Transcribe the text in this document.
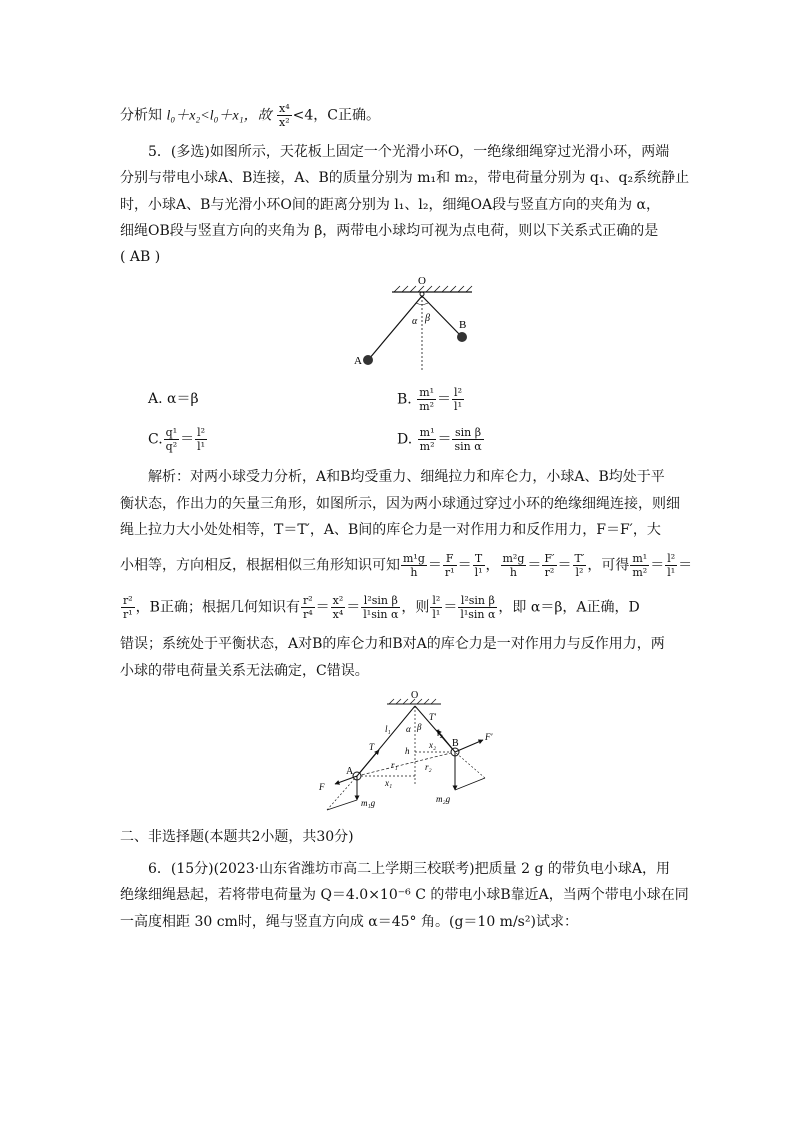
分析知 l₀＋x₂<l₀＋x₁，故 $\frac{\text{x⁴}}{\text{x²}} <4$，C正确。
5．(多选)如图所示，天花板上固定一个光滑小环O，一绝缘细绳穿过光滑小环，两端
分别与带电小球A、B连接，A、B的质量分别为 m₁和 m₂，带电荷量分别为 q₁、q₂系统静止
时，小球A、B与光滑小环O间的距离分别为 l₁、l₂，细绳OA段与竖直方向的夹角为 α，
细绳OB段与竖直方向的夹角为 β，两带电小球均可视为点电荷，则以下关系式正确的是
( AB )
O
A
B
α β
A. α＝β	B. $\frac{\text{m¹}}{\text{m²}} = \frac{\text{l²}}{\text{l¹}}$
C. $\frac{\text{q¹}}{\text{q²}} = \frac{\text{l²}}{\text{l¹}}$	D. $\frac{\text{m¹}}{\text{m²}} = \frac{\text{sin β}}{\text{sin α}}$
解析：对两小球受力分析，A和B均受重力、细绳拉力和库仑力，小球A、B均处于平
衡状态，作出力的矢量三角形，如图所示，因为两小球通过穿过小环的绝缘细绳连接，则细
绳上拉力大小处处相等，T＝T′，A、B间的库仑力是一对作用力和反作用力，F＝F′，大
小相等，方向相反，根据相似三角形知识可知 $\frac{\text{m¹g}}{h} = \frac{F}{\text{r¹}} = \frac{T}{\text{l¹}}$ ， $\frac{\text{m²g}}{h} = \frac{F'}{\text{r²}} = \frac{T'}{\text{l²}}$ ，可得 $\frac{\text{m¹}}{\text{m²}} = \frac{\text{l²}}{\text{l¹}}$ ＝
$\frac{\text{r²}}{\text{r¹}}$ ，B正确；根据几何知识有 $\frac{\text{r²}}{\text{r⁴}} = \frac{\text{x²}}{\text{x⁴}} = \frac{\text{l²sin β}}{\text{l¹sin α}}$ ，则 $\frac{\text{l²}}{\text{l¹}} = \frac{\text{l²sin β}}{\text{l¹sin α}}$ ，即 α＝β，A正确，D
错误；系统处于平衡状态，A对B的库仑力和B对A的库仑力是一对作用力与反作用力，两
小球的带电荷量关系无法确定，C错误。
O
A
B
α β
l₁	l₂
h
r₁	r₂
x₁
x₂
T
T′
F
F′
m₁g	m₂g
二、非选择题(本题共2小题，共30分)
6．(15分)(2023·山东省潍坊市高二上学期三校联考)把质量 2 g 的带负电小球A，用
绝缘细绳悬起，若将带电荷量为 Q＝4.0×10⁻⁶ C 的带电小球B靠近A，当两个带电小球在同
一高度相距 30 cm时，绳与竖直方向成 α＝45° 角。(g＝10 m/s²)试求：
